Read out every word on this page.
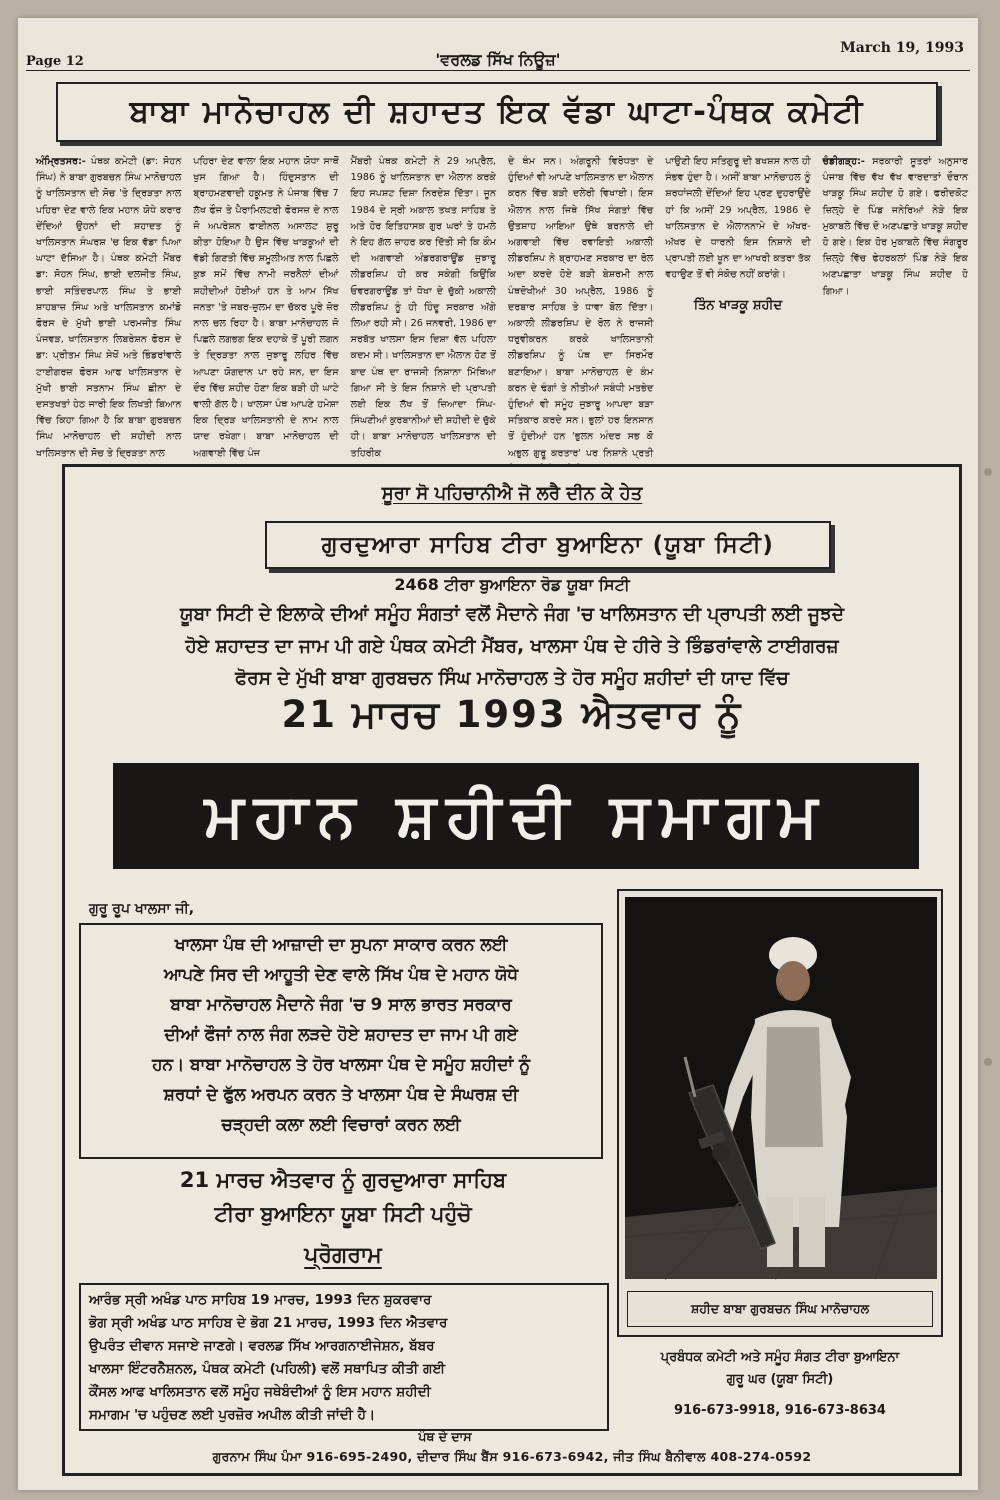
Page 12	'ਵਰਲਡ ਸਿੱਖ ਨਿਊਜ਼'
March 19, 1993
ਬਾਬਾ ਮਾਨੋਚਾਹਲ ਦੀ ਸ਼ਹਾਦਤ ਇਕ ਵੱਡਾ ਘਾਟਾ-ਪੰਥਕ ਕਮੇਟੀ
ਅੰਮ੍ਰਿਤਸਰ:- ਪੰਥਕ ਕਮੇਟੀ (ਡਾ: ਸੋਹਨ ਸਿੰਘ) ਨੇ ਬਾਬਾ ਗੁਰਬਚਨ ਸਿੰਘ ਮਾਨੋਚਾਹਲ ਨੂੰ ਖਾਲਿਸਤਾਨ ਦੀ ਸੋਚ 'ਤੇ ਦ੍ਰਿੜਤਾ ਨਾਲ ਪਹਿਰਾ ਦੇਣ ਵਾਲੇ ਇਕ ਮਹਾਨ ਯੋਧੇ ਕਰਾਰ ਦੇਂਦਿਆਂ ਉਹਨਾਂ ਦੀ ਸ਼ਹਾਦਤ ਨੂੰ ਖਾਲਿਸਤਾਨ ਸੰਘਰਸ਼ 'ਚ ਇਕ ਵੱਡਾ ਪਿਆ ਘਾਟਾ ਦੱਸਿਆ ਹੈ। ਪੰਥਕ ਕਮੇਟੀ ਮੈਂਬਰ ਡਾ: ਸੋਹਨ ਸਿੰਘ, ਭਾਈ ਦਲਜੀਤ ਸਿੰਘ, ਭਾਈ ਸਤਿੰਦਰਪਾਲ ਸਿੰਘ ਤੇ ਭਾਈ ਸ਼ਾਹਬਾਜ਼ ਸਿੰਘ ਅਤੇ ਖਾਲਿਸਤਾਨ ਕਮਾਂਡੋ ਫੋਰਸ ਦੇ ਮੁੱਖੀ ਭਾਈ ਪਰਮਜੀਤ ਸਿੰਘ ਪੰਜਵੜ, ਖਾਲਿਸਤਾਨ ਲਿਬਰੇਸ਼ਨ ਫੋਰਸ ਦੇ ਡਾ: ਪ੍ਰੀਤਮ ਸਿੰਘ ਸੇਖੋਂ ਅਤੇ ਭਿੰਡਰਾਂਵਾਲੇ ਟਾਈਗਰਜ਼ ਫੋਰਸ ਆਫ ਖਾਲਿਸਤਾਨ ਦੇ ਮੁੱਖੀ ਭਾਈ ਸਤਨਾਮ ਸਿੰਘ ਛੀਨਾ ਦੇ ਦਸਤਖਤਾਂ ਹੇਠ ਜਾਰੀ ਇਕ ਲਿਖਤੀ ਬਿਆਨ ਵਿੱਚ ਕਿਹਾ ਗਿਆ ਹੈ ਕਿ ਬਾਬਾ ਗੁਰਬਚਨ ਸਿੰਘ ਮਾਨੋਚਾਹਲ ਦੀ ਸ਼ਹੀਦੀ ਨਾਲ ਖਾਲਿਸਤਾਨ ਦੀ ਸੋਚ ਤੇ ਦ੍ਰਿੜਤਾ ਨਾਲ
ਪਹਿਰਾ ਦੇਣ ਵਾਲਾ ਇਕ ਮਹਾਨ ਯੋਧਾ ਸਾਥੋਂ ਖੁਸ ਗਿਆ ਹੈ। ਹਿੰਦੁਸਤਾਨ ਦੀ ਬ੍ਰਾਹਮਣਵਾਦੀ ਹਕੂਮਤ ਨੇ ਪੰਜਾਬ ਵਿੱਚ 7 ਲੱਖ ਫੌਜ ਤੇ ਪੈਰਾਮਿਲਟਰੀ ਫੋਰਸਜ਼ ਦੇ ਨਾਲ ਜੋ ਅਪਰੇਸ਼ਨ ਫਾਈਨਲ ਅਸਾਲਟ ਸ਼ੁਰੂ ਕੀਤਾ ਹੋਇਆ ਹੈ ਉਸ ਵਿੱਚ ਖਾੜਕੂਆਂ ਦੀ ਵੱਡੀ ਗਿਣਤੀ ਵਿੱਚ ਸ਼ਮੂਲੀਅਤ ਨਾਲ ਪਿਛਲੇ ਕੁਝ ਸਮੇਂ ਵਿੱਚ ਨਾਮੀ ਜਰਨੈਲਾਂ ਦੀਆਂ ਸ਼ਹੀਦੀਆਂ ਹੋਈਆਂ ਹਨ ਤੇ ਆਮ ਸਿੱਖ ਜਨਤਾ 'ਤੇ ਜਬਰ-ਜ਼ੁਲਮ ਦਾ ਚੱਕਰ ਪੂਰੇ ਜ਼ੋਰ ਨਾਲ ਚਲ ਰਿਹਾ ਹੈ। ਬਾਬਾ ਮਾਨੋਚਾਹਲ ਜੋ ਪਿਛਲੇ ਲਗਭਗ ਇਕ ਦਹਾਕੇ ਤੋਂ ਪੂਰੀ ਲਗਨ ਤੇ ਦ੍ਰਿੜਤਾ ਨਾਲ ਜੁਝਾਰੂ ਲਹਿਰ ਵਿੱਚ ਆਪਣਾ ਯੋਗਦਾਨ ਪਾ ਰਹੇ ਸਨ, ਦਾ ਇਸ ਦੌਰ ਵਿੱਚ ਸ਼ਹੀਦ ਹੋਣਾ ਇਕ ਬੜੀ ਹੀ ਘਾਟੇ ਵਾਲੀ ਗੱਲ ਹੈ। ਖਾਲਸਾ ਪੰਥ ਆਪਣੇ ਹਮੇਸ਼ਾ ਇਕ ਦ੍ਰਿੜ ਖਾਲਿਸਤਾਨੀ ਦੇ ਨਾਮ ਨਾਲ ਯਾਦ ਰਖੇਗਾ। ਬਾਬਾ ਮਾਨੋਚਾਹਲ ਦੀ ਅਗਵਾਈ ਵਿੱਚ ਪੰਜ
ਮੈਂਬਰੀ ਪੰਥਕ ਕਮੇਟੀ ਨੇ 29 ਅਪ੍ਰੈਲ, 1986 ਨੂੰ ਖਾਲਿਸਤਾਨ ਦਾ ਐਲਾਨ ਕਰਕੇ ਇਹ ਸਪਸ਼ਟ ਦਿਸ਼ਾ ਨਿਰਦੇਸ਼ ਦਿੱਤਾ। ਜੂਨ 1984 ਦੇ ਸ੍ਰੀ ਅਕਾਲ ਤਖਤ ਸਾਹਿਬ ਤੇ ਅਤੇ ਹੋਰ ਇਤਿਹਾਸਕ ਗੁਰ ਘਰਾਂ ਤੇ ਹਮਲੇ ਨੇ ਇਹ ਗੱਲ ਜ਼ਾਹਰ ਕਰ ਦਿੱਤੀ ਸੀ ਕਿ ਕੌਮ ਦੀ ਅਗਵਾਈ ਅੰਡਰਗਰਾਊਂਡ ਜੁਝਾਰੂ ਲੀਡਰਸ਼ਿਪ ਹੀ ਕਰ ਸਕੇਗੀ ਕਿਉਂਕਿ ਓਵਰਗਰਾਊਂਡ ਤਾਂ ਧੋਖਾ ਦੇ ਚੁੱਕੀ ਅਕਾਲੀ ਲੀਡਰਸ਼ਿਪ ਨੂੰ ਹੀ ਹਿੰਦੂ ਸਰਕਾਰ ਅੱਗੇ ਲਿਆ ਰਹੀ ਸੀ। 26 ਜਨਵਰੀ, 1986 ਦਾ ਸਰਬੱਤ ਖਾਲਸਾ ਇਸ ਦਿਸ਼ਾ ਵੱਲ ਪਹਿਲਾ ਕਦਮ ਸੀ। ਖਾਲਿਸਤਾਨ ਦਾ ਐਲਾਨ ਹੋਣ ਤੋਂ ਬਾਦ ਪੰਥ ਦਾ ਰਾਜਸੀ ਨਿਸ਼ਾਨਾ ਮਿੱਥਿਆ ਗਿਆ ਸੀ ਤੇ ਇਸ ਨਿਸ਼ਾਨੇ ਦੀ ਪ੍ਰਾਪਤੀ ਲਈ ਇਕ ਲੱਖ ਤੋਂ ਜ਼ਿਆਦਾ ਸਿੰਘ-ਸਿੰਘਣੀਆਂ ਕੁਰਬਾਨੀਆਂ ਦੀ ਸ਼ਹੀਦੀ ਦੇ ਚੁੱਕੇ ਹੀ। ਬਾਬਾ ਮਾਨੋਚਾਹਲ ਖਾਲਿਸਤਾਨ ਦੀ ਤਹਿਰੀਕ
ਦੇ ਥੰਮ ਸਨ। ਅੰਗਰੂਨੀ ਵਿਰੋਧਤਾ ਦੇ ਹੁੰਦਿਆਂ ਵੀ ਆਪਣੇ ਖਾਲਿਸਤਾਨ ਦਾ ਐਲਾਨ ਕਰਨ ਵਿੱਚ ਬੜੀ ਦਲੇਰੀ ਵਿਖਾਈ। ਇਸ ਐਲਾਨ ਨਾਲ ਜਿਥੇ ਸਿੱਖ ਸੰਗਤਾਂ ਵਿੱਚ ਉਤਸ਼ਾਹ ਆਇਆ ਉਥੇ ਬਰਨਾਲੇ ਦੀ ਅਗਵਾਈ ਵਿੱਚ ਰਵਾਇਤੀ ਅਕਾਲੀ ਲੀਡਰਸ਼ਿਪ ਨੇ ਬ੍ਰਾਹਮਣ ਸਰਕਾਰ ਦਾ ਰੋਲ ਅਦਾ ਕਰਦੇ ਹੋਏ ਬੜੀ ਬੇਸ਼ਰਮੀ ਨਾਲ ਪੰਥਦੋਖੀਆਂ 30 ਅਪ੍ਰੈਲ, 1986 ਨੂੰ ਦਰਬਾਰ ਸਾਹਿਬ ਤੇ ਧਾਵਾ ਬੋਲ ਦਿੱਤਾ। ਅਕਾਲੀ ਲੀਡਰਸ਼ਿਪ ਦੇ ਰੋਲ ਨੇ ਰਾਜਸੀ ਧਰੁਵੀਕਰਨ ਕਰਕੇ ਖਾਲਿਸਤਾਨੀ ਲੀਡਰਸ਼ਿਪ ਨੂੰ ਪੰਥ ਦਾ ਸਿਰਮੌਰ ਬਣਾਇਆ। ਬਾਬਾ ਮਾਨੋਚਾਹਲ ਦੇ ਕੰਮ ਕਰਨ ਦੇ ਢੰਗਾਂ ਤੇ ਨੀਤੀਆਂ ਸਬੰਧੀ ਮਤਭੇਦ ਹੁੰਦਿਆਂ ਵੀ ਸਮੂੰਹ ਜੁਝਾਰੂ ਆਪਦਾ ਬੜਾ ਸਤਿਕਾਰ ਕਰਦੇ ਸਨ। ਭੁਲਾਂ ਹਰ ਇਨਸਾਨ ਤੋਂ ਹੁੰਦੀਆਂ ਹਨ 'ਭੁਲਨ ਅੰਦਰ ਸਭ ਕੋ ਅਭੁਲ ਗੁਰੂ ਕਰਤਾਰ' ਪਰ ਨਿਸ਼ਾਨੇ ਪ੍ਰਤੀ
ਪਾਉਣੀ ਇਹ ਸਤਿਗੁਰੂ ਦੀ ਬਖਸ਼ਸ ਨਾਲ ਹੀ ਸੰਭਵ ਹੁੰਦਾ ਹੈ। ਅਸੀਂ ਬਾਬਾ ਮਾਨੋਚਾਹਲ ਨੂੰ ਸ਼ਰਧਾਂਜਲੀ ਦੇਂਦਿਆਂ ਇਹ ਪ੍ਰਣ ਦੁਹਰਾਉਂਦੇ ਹਾਂ ਕਿ ਅਸੀਂ 29 ਅਪ੍ਰੈਲ, 1986 ਦੇ ਖਾਲਿਸਤਾਨ ਦੇ ਐਲਾਨਨਾਮੇ ਦੇ ਅੱਖਰ-ਅੱਖਰ ਦੇ ਧਾਰਨੀ ਇਸ ਨਿਸ਼ਾਨੇ ਦੀ ਪ੍ਰਾਪਤੀ ਲਈ ਖੂਨ ਦਾ ਆਖਰੀ ਕਤਰਾ ਤੱਕ ਵਹਾਉਣ ਤੋਂ ਵੀ ਸੰਕੋਚ ਨਹੀਂ ਕਰਾਂਗੇ।
ਤਿੰਨ ਖਾੜਕੂ ਸ਼ਹੀਦ
ਚੰਡੀਗੜ੍ਹ:- ਸਰਕਾਰੀ ਸੂਤਰਾਂ ਅਨੁਸਾਰ ਪੰਜਾਬ ਵਿੱਚ ਵੱਖ ਵੱਖ ਵਾਰਦਾਤਾਂ ਦੌਰਾਨ ਖਾੜਕੂ ਸਿੰਘ ਸ਼ਹੀਦ ਹੋ ਗਏ। ਫਰੀਦਕੋਟ ਜ਼ਿਲ੍ਹੇ ਦੇ ਪਿੰਡ ਜਨੇਰਿਆਂ ਨੇੜੇ ਇਕ ਮੁਕਾਬਲੇ ਵਿੱਚ ਦੋ ਅਣਪਛਾਤੇ ਖਾੜਕੂ ਸ਼ਹੀਦ ਹੋ ਗਏ। ਇਕ ਹੋਰ ਮੁਕਾਬਲੇ ਵਿੱਚ ਸੰਗਰੂਰ ਜ਼ਿਲ੍ਹੇ ਵਿੱਚ ਫੇਹਰਕਲਾਂ ਪਿੰਡ ਨੇੜੇ ਇਕ ਅਣਪਛਾਤਾ ਖਾੜਕੂ ਸਿੰਘ ਸ਼ਹੀਦ ਹੋ ਗਿਆ।
ਸੂਰਾ ਸੋ ਪਹਿਚਾਨੀਐ ਜੋ ਲਰੈ ਦੀਨ ਕੇ ਹੇਤ
ਗੁਰਦੁਆਰਾ ਸਾਹਿਬ ਟੀਰਾ ਬੁਆਇਨਾ (ਯੂਬਾ ਸਿਟੀ)
2468 ਟੀਰਾ ਬੁਆਇਨਾ ਰੋਡ ਯੂਬਾ ਸਿਟੀ
ਯੂਬਾ ਸਿਟੀ ਦੇ ਇਲਾਕੇ ਦੀਆਂ ਸਮੂੰਹ ਸੰਗਤਾਂ ਵਲੋਂ ਮੈਦਾਨੇ ਜੰਗ 'ਚ ਖਾਲਿਸਤਾਨ ਦੀ ਪ੍ਰਾਪਤੀ ਲਈ ਜੂਝਦੇ
ਹੋਏ ਸ਼ਹਾਦਤ ਦਾ ਜਾਮ ਪੀ ਗਏ ਪੰਥਕ ਕਮੇਟੀ ਮੈਂਬਰ, ਖਾਲਸਾ ਪੰਥ ਦੇ ਹੀਰੇ ਤੇ ਭਿੰਡਰਾਂਵਾਲੇ ਟਾਈਗਰਜ਼
ਫੋਰਸ ਦੇ ਮੁੱਖੀ ਬਾਬਾ ਗੁਰਬਚਨ ਸਿੰਘ ਮਾਨੋਚਾਹਲ ਤੇ ਹੋਰ ਸਮੂੰਹ ਸ਼ਹੀਦਾਂ ਦੀ ਯਾਦ ਵਿੱਚ
21 ਮਾਰਚ 1993 ਐਤਵਾਰ ਨੂੰ
ਮਹਾਨ ਸ਼ਹੀਦੀ ਸਮਾਗਮ
ਗੁਰੂ ਰੂਪ ਖਾਲਸਾ ਜੀ,
ਖਾਲਸਾ ਪੰਥ ਦੀ ਆਜ਼ਾਦੀ ਦਾ ਸੁਪਨਾ ਸਾਕਾਰ ਕਰਨ ਲਈ
ਆਪਣੇ ਸਿਰ ਦੀ ਆਹੂਤੀ ਦੇਣ ਵਾਲੇ ਸਿੱਖ ਪੰਥ ਦੇ ਮਹਾਨ ਯੋਧੇ
ਬਾਬਾ ਮਾਨੋਚਾਹਲ ਮੈਦਾਨੇ ਜੰਗ 'ਚ 9 ਸਾਲ ਭਾਰਤ ਸਰਕਾਰ
ਦੀਆਂ ਫੌਜਾਂ ਨਾਲ ਜੰਗ ਲੜਦੇ ਹੋਏ ਸ਼ਹਾਦਤ ਦਾ ਜਾਮ ਪੀ ਗਏ
ਹਨ। ਬਾਬਾ ਮਾਨੋਚਾਹਲ ਤੇ ਹੋਰ ਖਾਲਸਾ ਪੰਥ ਦੇ ਸਮੂੰਹ ਸ਼ਹੀਦਾਂ ਨੂੰ
ਸ਼ਰਧਾਂ ਦੇ ਫੁੱਲ ਅਰਪਨ ਕਰਨ ਤੇ ਖਾਲਸਾ ਪੰਥ ਦੇ ਸੰਘਰਸ਼ ਦੀ
ਚੜ੍ਹਦੀ ਕਲਾ ਲਈ ਵਿਚਾਰਾਂ ਕਰਨ ਲਈ
21 ਮਾਰਚ ਐਤਵਾਰ ਨੂੰ ਗੁਰਦੁਆਰਾ ਸਾਹਿਬ
ਟੀਰਾ ਬੁਆਇਨਾ ਯੂਬਾ ਸਿਟੀ ਪਹੁੰਚੋ
ਪ੍ਰੋਗਰਾਮ
ਆਰੰਭ ਸ੍ਰੀ ਅਖੰਡ ਪਾਠ ਸਾਹਿਬ 19 ਮਾਰਚ, 1993 ਦਿਨ ਸ਼ੁਕਰਵਾਰ
ਭੋਗ ਸ੍ਰੀ ਅਖੰਡ ਪਾਠ ਸਾਹਿਬ ਦੇ ਭੋਗ 21 ਮਾਰਚ, 1993 ਦਿਨ ਐਤਵਾਰ
ਉਪਰੰਤ ਦੀਵਾਨ ਸਜਾਏ ਜਾਣਗੇ। ਵਰਲਡ ਸਿੱਖ ਆਰਗਨਾਈਜੇਸ਼ਨ, ਬੱਬਰ
ਖਾਲਸਾ ਇੰਟਰਨੈਸ਼ਨਲ, ਪੰਥਕ ਕਮੇਟੀ (ਪਹਿਲੀ) ਵਲੋਂ ਸਥਾਪਿਤ ਕੀਤੀ ਗਈ
ਕੌਂਸਲ ਆਫ ਖਾਲਿਸਤਾਨ ਵਲੋਂ ਸਮੂੰਹ ਜਥੇਬੰਦੀਆਂ ਨੂੰ ਇਸ ਮਹਾਨ ਸ਼ਹੀਦੀ
ਸਮਾਗਮ 'ਚ ਪਹੁੰਚਣ ਲਈ ਪੁਰਜ਼ੋਰ ਅਪੀਲ ਕੀਤੀ ਜਾਂਦੀ ਹੈ।
ਪੰਥ ਦੇ ਦਾਸ
ਗੁਰਨਾਮ ਸਿੰਘ ਪੰਮਾ 916-695-2490, ਦੀਦਾਰ ਸਿੰਘ ਬੈਂਸ 916-673-6942, ਜੀਤ ਸਿੰਘ ਬੈਨੀਵਾਲ 408-274-0592
ਸ਼ਹੀਦ ਬਾਬਾ ਗੁਰਬਚਨ ਸਿੰਘ ਮਾਨੋਚਾਹਲ
ਪ੍ਰਬੰਧਕ ਕਮੇਟੀ ਅਤੇ ਸਮੂੰਹ ਸੰਗਤ ਟੀਰਾ ਬੁਆਇਨਾ
ਗੁਰੂ ਘਰ (ਯੂਬਾ ਸਿਟੀ)
916-673-9918, 916-673-8634
